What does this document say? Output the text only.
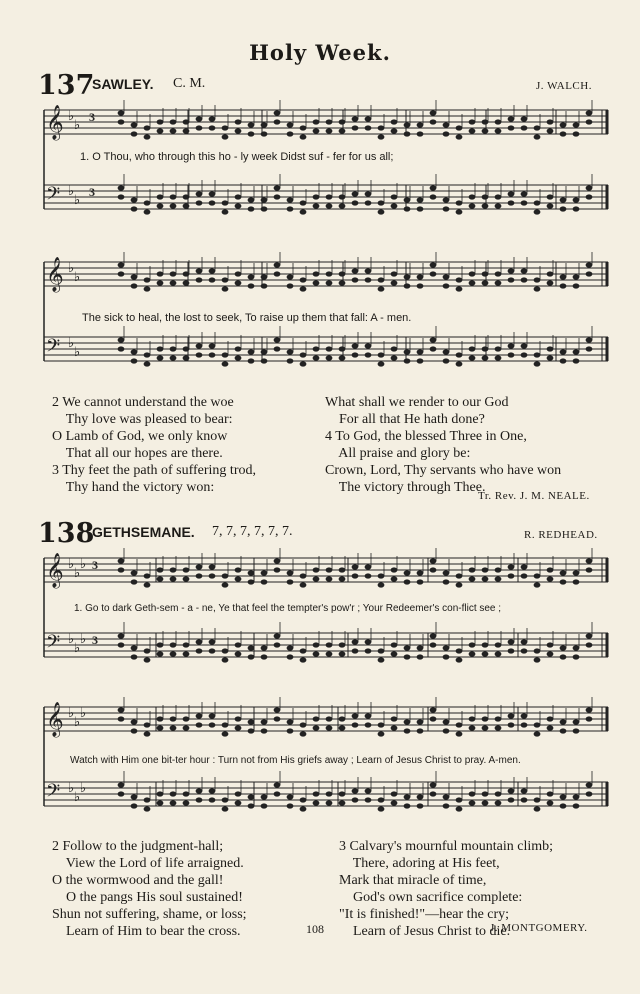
Holy Week.
137
SAWLEY. C. M.	J. WALCH.
𝄞 ♭
♭
3
𝄢 ♭
♭
3
1. O Thou, who through this ho - ly week Didst suf - fer for us all;
𝄞 ♭
♭
𝄢 ♭
♭
The sick to heal, the lost to seek, To raise up them that fall: A - men.
2 We cannot understand the woe
Thy love was pleased to bear:
O Lamb of God, we only know
That all our hopes are there.
3 Thy feet the path of suffering trod,
Thy hand the victory won:
What shall we render to our God
For all that He hath done?
4 To God, the blessed Three in One,
All praise and glory be:
Crown, Lord, Thy servants who have won
The victory through Thee.
Tr. Rev. J. M. NEALE.
138
GETHSEMANE. 7, 7, 7, 7, 7, 7.	R. REDHEAD.
𝄞 ♭
♭
♭ 3
𝄢 ♭
♭
♭ 3
1. Go to dark Geth-sem - a - ne, Ye that feel the tempter's pow'r ; Your Redeemer's con-flict see ;
𝄞 ♭
♭
♭
𝄢 ♭
♭
♭
Watch with Him one bit-ter hour : Turn not from His griefs away ; Learn of Jesus Christ to pray. A-men.
2 Follow to the judgment-hall;
View the Lord of life arraigned.
O the wormwood and the gall!
O the pangs His soul sustained!
Shun not suffering, shame, or loss;
Learn of Him to bear the cross.
3 Calvary's mournful mountain climb;
There, adoring at His feet,
Mark that miracle of time,
God's own sacrifice complete:
"It is finished!"—hear the cry;
Learn of Jesus Christ to die.
108	J. MONTGOMERY.
